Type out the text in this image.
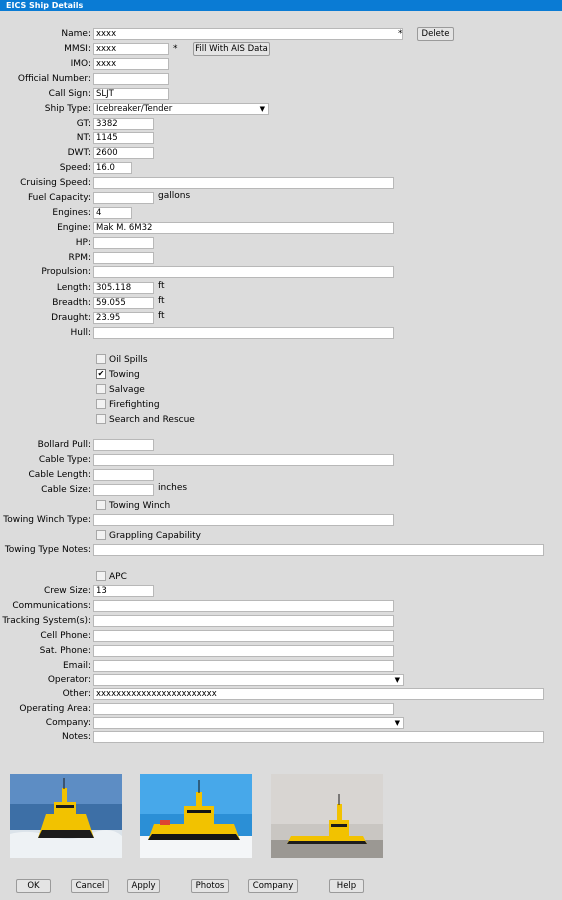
EICS Ship Details
Name: xxxx
MMSI: xxxx
IMO: xxxx
Official Number:
Call Sign: SLJT
Ship Type: Icebreaker/Tender	▼
GT: 3382
NT: 1145
DWT: 2600
Speed: 16.0
Cruising Speed:
Fuel Capacity:	gallons
Engines: 4
Engine: Mak M. 6M32
HP:
RPM:
Propulsion:
Length: 305.118	ft
Breadth: 59.055	ft
Draught: 23.95	ft
Hull:
Bollard Pull:
Cable Type:
Cable Length:
Cable Size:	inches
Towing Winch Type:
Towing Type Notes:
Crew Size: 13
Communications:
Tracking System(s):
Cell Phone:
Sat. Phone:
Email:
Operator:	▼
Other: xxxxxxxxxxxxxxxxxxxxxxxx
Operating Area:
Company:	▼
Notes:
*
*
Delete
Fill With AIS Data
Oil Spills
✔ Towing
Salvage
Firefighting
Search and Rescue
Towing Winch
Grappling Capability
APC
OK	Cancel	Apply	Photos	Company	Help
